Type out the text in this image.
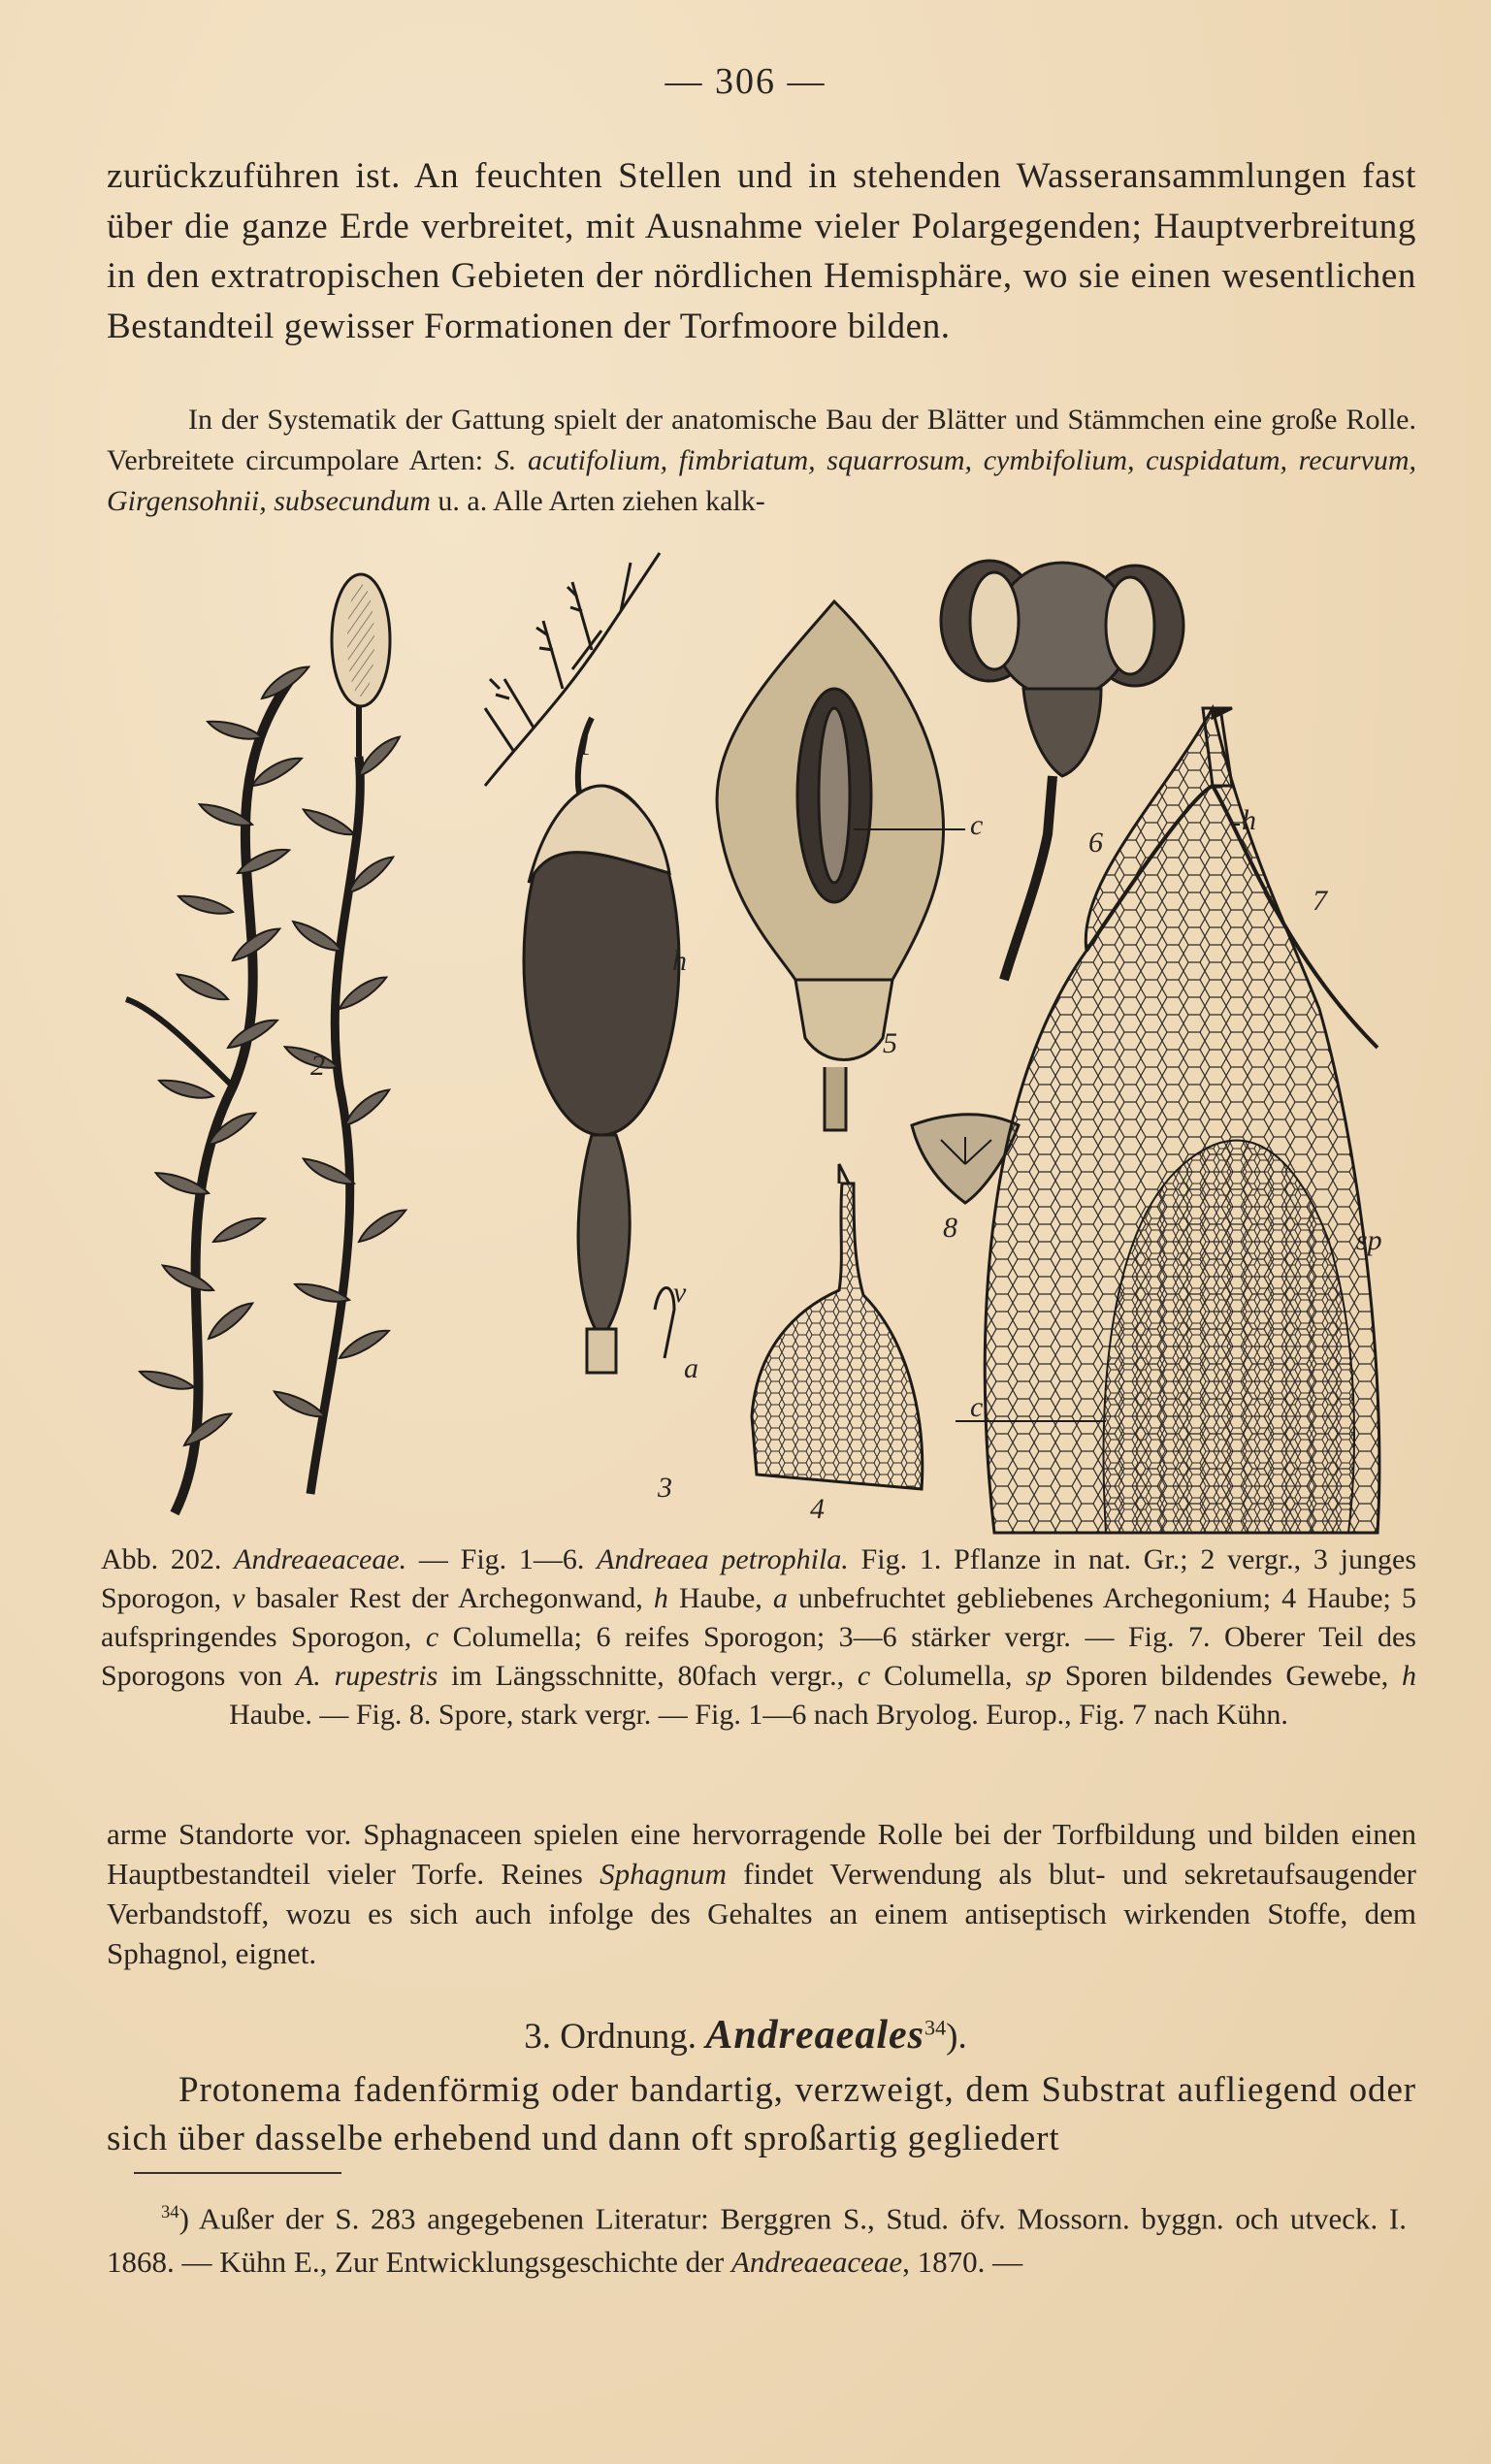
— 306 —

zurückzuführen ist. An feuchten Stellen und in stehenden Wasseransammlungen fast über die ganze Erde verbreitet, mit Ausnahme vieler Polargegenden; Hauptverbreitung in den extratropischen Gebieten der nördlichen Hemisphäre, wo sie einen wesentlichen Bestandteil gewisser Formationen der Torfmoore bilden.

In der Systematik der Gattung spielt der anatomische Bau der Blätter und Stämmchen eine große Rolle. Verbreitete circumpolare Arten: S. acutifolium, fimbriatum, squarrosum, cymbifolium, cuspidatum, recurvum, Girgensohnii, subsecundum u. a. Alle Arten ziehen kalk-

2
1
h
v
a
3
c
5
6
8
4
h
7
sp
c

Abb. 202. Andreaeaceae. — Fig. 1—6. Andreaea petrophila. Fig. 1. Pflanze in nat. Gr.; 2 vergr., 3 junges Sporogon, v basaler Rest der Archegonwand, h Haube, a unbefruchtet gebliebenes Archegonium; 4 Haube; 5 aufspringendes Sporogon, c Columella; 6 reifes Sporogon; 3—6 stärker vergr. — Fig. 7. Oberer Teil des Sporogons von A. rupestris im Längsschnitte, 80fach vergr., c Columella, sp Sporen bildendes Gewebe, h Haube. — Fig. 8. Spore, stark vergr. — Fig. 1—6 nach Bryolog. Europ., Fig. 7 nach Kühn.

arme Standorte vor. Sphagnaceen spielen eine hervorragende Rolle bei der Torfbildung und bilden einen Hauptbestandteil vieler Torfe. Reines Sphagnum findet Verwendung als blut- und sekretaufsaugender Verbandstoff, wozu es sich auch infolge des Gehaltes an einem antiseptisch wirkenden Stoffe, dem Sphagnol, eignet.

3. Ordnung. Andreaeales$^{34}$).

Protonema fadenförmig oder bandartig, verzweigt, dem Substrat aufliegend oder sich über dasselbe erhebend und dann oft sproßartig gegliedert

$^{34}$) Außer der S. 283 angegebenen Literatur: Berggren S., Stud. öfv. Mossorn. byggn. och utveck. I. 1868. — Kühn E., Zur Entwicklungsgeschichte der Andreaeaceae, 1870. —
